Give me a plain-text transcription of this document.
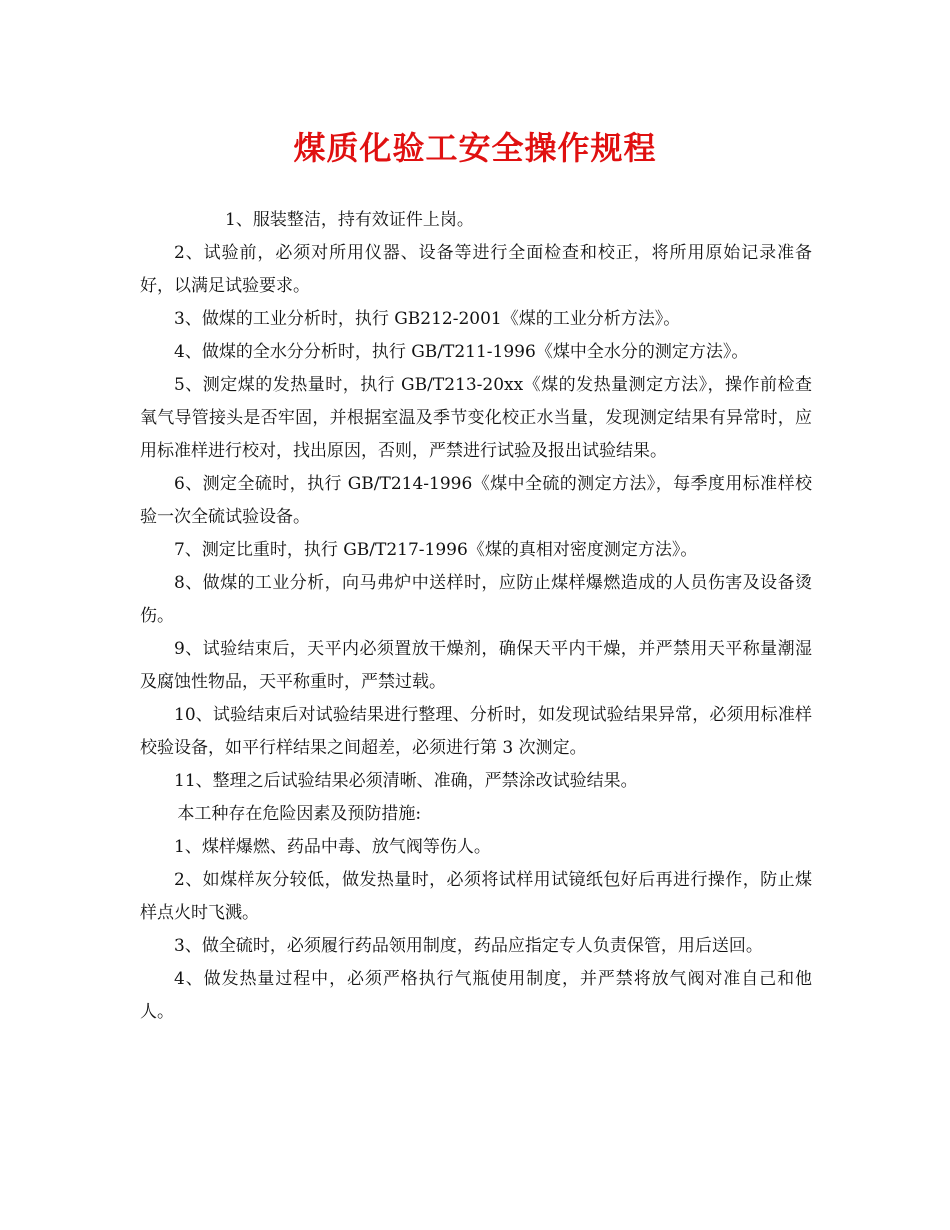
煤质化验工安全操作规程

1、服装整洁，持有效证件上岗。

2、试验前，必须对所用仪器、设备等进行全面检查和校正，将所用原始记录准备好，以满足试验要求。

3、做煤的工业分析时，执行 GB212-2001《煤的工业分析方法》。

4、做煤的全水分分析时，执行 GB/T211-1996《煤中全水分的测定方法》。

5、测定煤的发热量时，执行 GB/T213-20xx《煤的发热量测定方法》，操作前检查氧气导管接头是否牢固，并根据室温及季节变化校正水当量，发现测定结果有异常时，应用标准样进行校对，找出原因，否则，严禁进行试验及报出试验结果。

6、测定全硫时，执行 GB/T214-1996《煤中全硫的测定方法》，每季度用标准样校验一次全硫试验设备。

7、测定比重时，执行 GB/T217-1996《煤的真相对密度测定方法》。

8、做煤的工业分析，向马弗炉中送样时，应防止煤样爆燃造成的人员伤害及设备烫伤。

9、试验结束后，天平内必须置放干燥剂，确保天平内干燥，并严禁用天平称量潮湿及腐蚀性物品，天平称重时，严禁过载。

10、试验结束后对试验结果进行整理、分析时，如发现试验结果异常，必须用标准样校验设备，如平行样结果之间超差，必须进行第 3 次测定。

11、整理之后试验结果必须清晰、准确，严禁涂改试验结果。

本工种存在危险因素及预防措施:

1、煤样爆燃、药品中毒、放气阀等伤人。

2、如煤样灰分较低，做发热量时，必须将试样用试镜纸包好后再进行操作，防止煤样点火时飞溅。

3、做全硫时，必须履行药品领用制度，药品应指定专人负责保管，用后送回。

4、做发热量过程中，必须严格执行气瓶使用制度，并严禁将放气阀对准自己和他人。
